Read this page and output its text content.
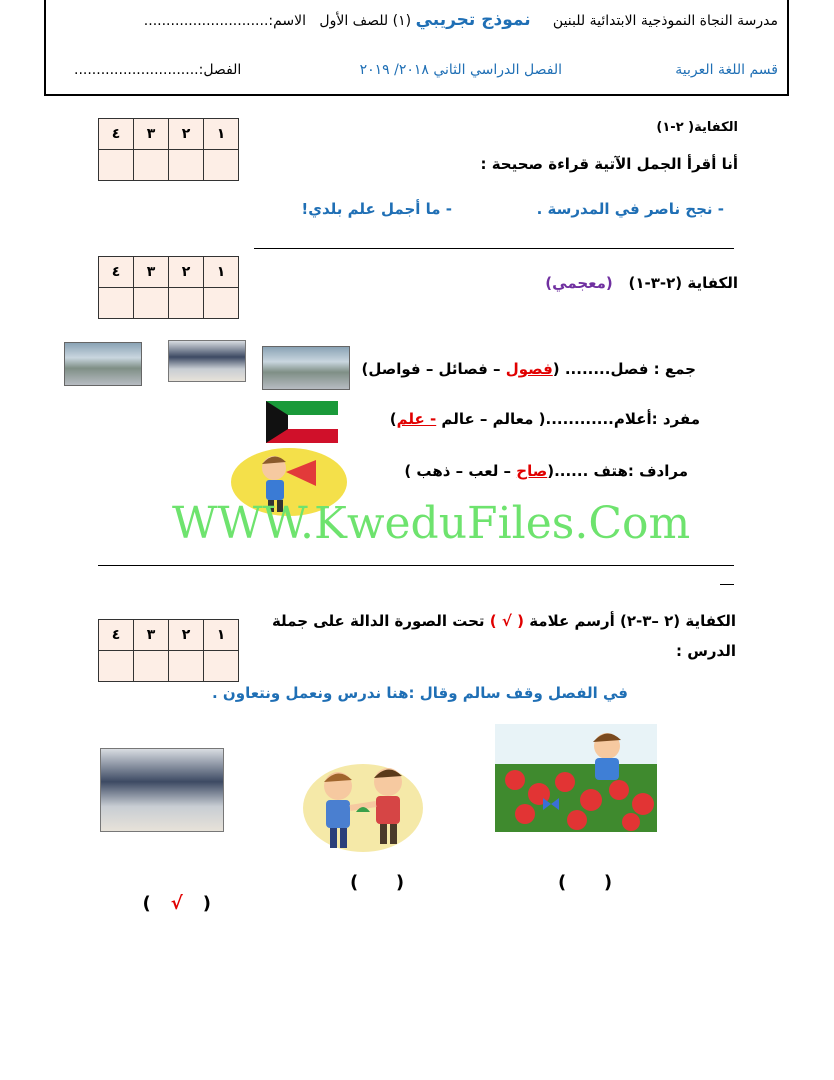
مدرسة النجاة النموذجية الابتدائية للبنين     نموذج تجريبي (١) للصف الأول   الاسم:............................
قسم اللغة العربية
الفصل الدراسي الثاني ٢٠١٨/ ٢٠١٩
الفصل:............................
٤	٣	٢	١
				الكفاية( ٢-١)
أنا أقرأ الجمل الآتية قراءة صحيحة :
- نجح ناصر في المدرسة .
- ما أجمل علم بلدي!
٤	٣	٢	١

الكفاية (٢-٣-١)   (معجمي)
جمع : فصل........ (فصول – فصائل – فواصل)
مفرد :أعلام............( معالم – عالم - علم)
مرادف :هتف ......(صاح – لعب – ذهب )
WWW.KweduFiles.Com
٤	٣	٢	١

الكفاية (٢ –٣-٢) أرسم علامة ( √ ) تحت الصورة الدالة على جملة
الدرس :
في الفصل وقف سالم وقال :هنا ندرس ونعمل ونتعاون .

( √ )

(      )	(      )
